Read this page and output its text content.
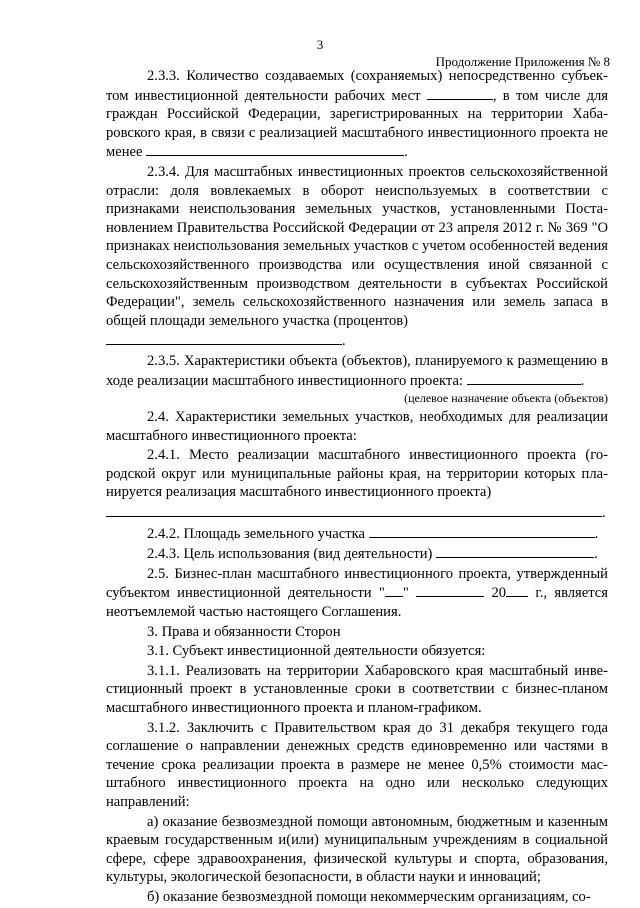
3
Продолжение Приложения № 8

2.3.3. Количество создаваемых (сохраняемых) непосредственно субъектом инвестиционной деятельности рабочих мест	, в том числе для граждан Российской Федерации, зарегистрированных на территории Хабаровского края, в связи с реализацией масштабного инвестиционного проекта не менее	.

2.3.4. Для масштабных инвестиционных проектов сельскохозяйственной отрасли: доля вовлекаемых в оборот неиспользуемых в соответствии с признаками неиспользования земельных участков, установленными Постановлением Правительства Российской Федерации от 23 апреля 2012 г. № 369 "О признаках неиспользования земельных участков с учетом особенностей ведения сельскохозяйственного производства или осуществления иной связанной с сельскохозяйственным производством деятельности в субъектах Российской Федерации", земель сельскохозяйственного назначения или земель запаса в общей площади земельного участка (процентов)

.

2.3.5. Характеристики объекта (объектов), планируемого к размещению в ходе реализации масштабного инвестиционного проекта:	.

(целевое назначение объекта (объектов)

2.4. Характеристики земельных участков, необходимых для реализации масштабного инвестиционного проекта:

2.4.1. Место реализации масштабного инвестиционного проекта (городской округ или муниципальные районы края, на территории которых планируется реализация масштабного инвестиционного проекта)

.

2.4.2. Площадь земельного участка	.

2.4.3. Цель использования (вид деятельности)	.

2.5. Бизнес-план масштабного инвестиционного проекта, утвержденный субъектом инвестиционной деятельности " "	20 г., является неотъемлемой частью настоящего Соглашения.

3. Права и обязанности Сторон

3.1. Субъект инвестиционной деятельности обязуется:

3.1.1. Реализовать на территории Хабаровского края масштабный инвестиционный проект в установленные сроки в соответствии с бизнес-планом масштабного инвестиционного проекта и планом-графиком.

3.1.2. Заключить с Правительством края до 31 декабря текущего года соглашение о направлении денежных средств единовременно или частями в течение срока реализации проекта в размере не менее 0,5% стоимости масштабного инвестиционного проекта на одно или несколько следующих направлений:

а) оказание безвозмездной помощи автономным, бюджетным и казенным краевым государственным и(или) муниципальным учреждениям в социальной сфере, сфере здравоохранения, физической культуры и спорта, образования, культуры, экологической безопасности, в области науки и инноваций;

б) оказание безвозмездной помощи некоммерческим организациям, со-
